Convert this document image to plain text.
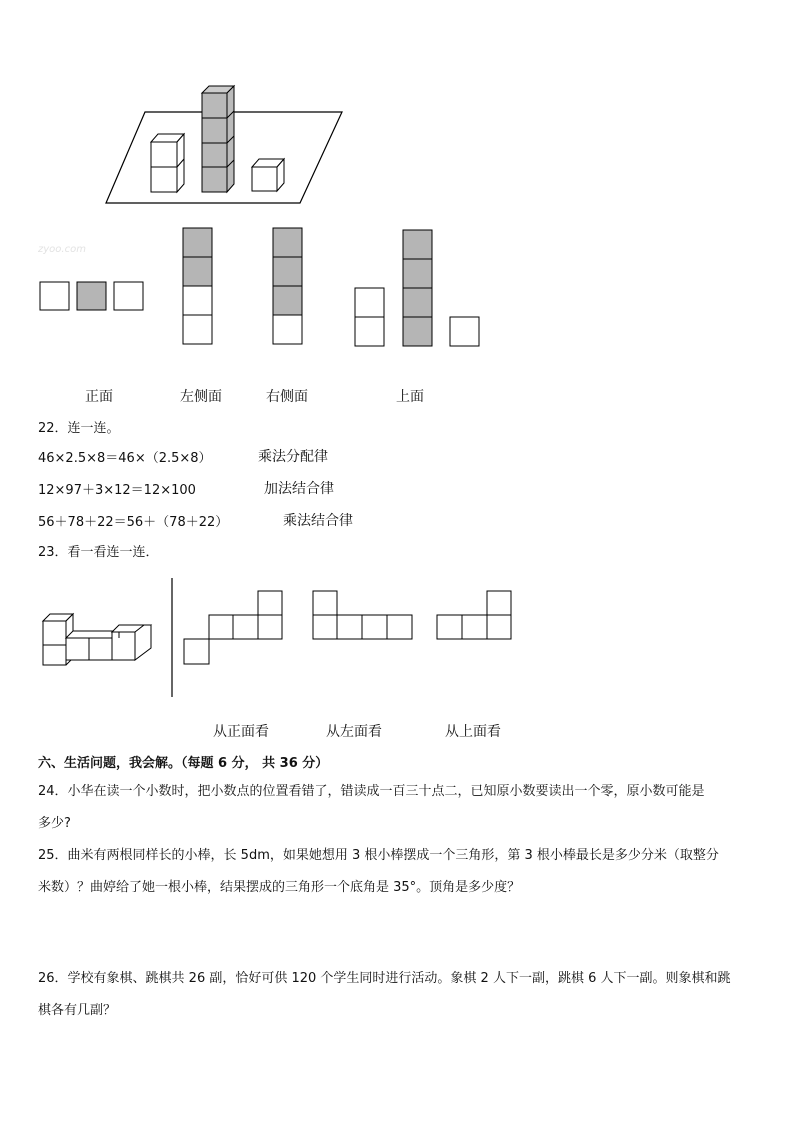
zyoo.com
正面	左侧面	右侧面	上面
22．连一连。
46×2.5×8＝46×（2.5×8）
12×97＋3×12＝12×100
56＋78＋22＝56＋（78＋22）
乘法分配律
加法结合律
乘法结合律
23．看一看连一连．
从正面看	从左面看	从上面看
六、生活问题，我会解。（每题 6 分， 共 36 分）
24．小华在读一个小数时，把小数点的位置看错了，错读成一百三十点二，已知原小数要读出一个零，原小数可能是
多少?
25．曲米有两根同样长的小棒，长 5dm，如果她想用 3 根小棒摆成一个三角形，第 3 根小棒最长是多少分米（取整分
米数）？曲婷给了她一根小棒，结果摆成的三角形一个底角是 35°。顶角是多少度？
26．学校有象棋、跳棋共 26 副，恰好可供 120 个学生同时进行活动。象棋 2 人下一副，跳棋 6 人下一副。则象棋和跳
棋各有几副？
